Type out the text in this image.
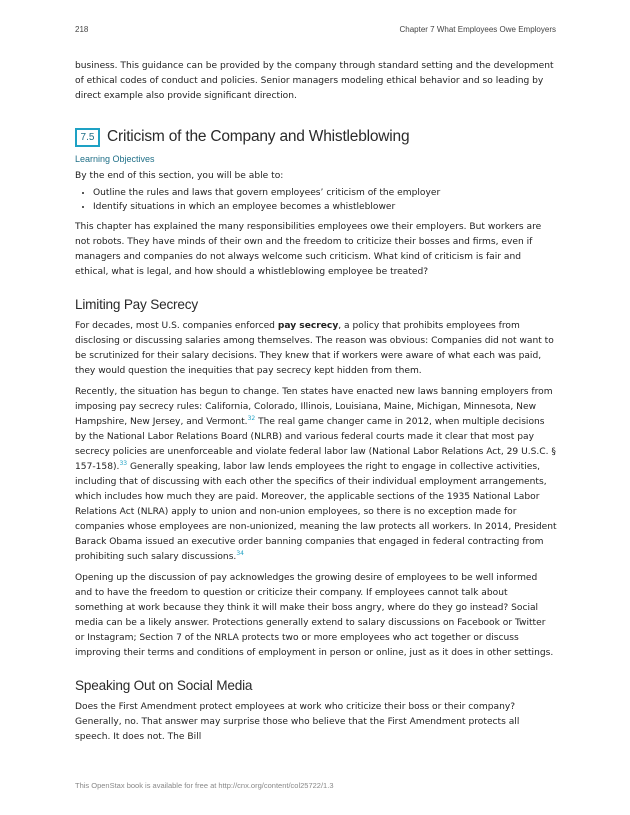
218	Chapter 7 What Employees Owe Employers

business. This guidance can be provided by the company through standard setting and the development of ethical codes of conduct and policies. Senior managers modeling ethical behavior and so leading by direct example also provide significant direction.

7.5 Criticism of the Company and Whistleblowing
Learning Objectives

By the end of this section, you will be able to:

• Outline the rules and laws that govern employees’ criticism of the employer
• Identify situations in which an employee becomes a whistleblower

This chapter has explained the many responsibilities employees owe their employers. But workers are not robots. They have minds of their own and the freedom to criticize their bosses and firms, even if managers and companies do not always welcome such criticism. What kind of criticism is fair and ethical, what is legal, and how should a whistleblowing employee be treated?

Limiting Pay Secrecy

For decades, most U.S. companies enforced pay secrecy, a policy that prohibits employees from disclosing or discussing salaries among themselves. The reason was obvious: Companies did not want to be scrutinized for their salary decisions. They knew that if workers were aware of what each was paid, they would question the inequities that pay secrecy kept hidden from them.

Recently, the situation has begun to change. Ten states have enacted new laws banning employers from imposing pay secrecy rules: California, Colorado, Illinois, Louisiana, Maine, Michigan, Minnesota, New Hampshire, New Jersey, and Vermont.$^{32}$ The real game changer came in 2012, when multiple decisions by the National Labor Relations Board (NLRB) and various federal courts made it clear that most pay secrecy policies are unenforceable and violate federal labor law (National Labor Relations Act, 29 U.S.C. § 157-158).$^{33}$ Generally speaking, labor law lends employees the right to engage in collective activities, including that of discussing with each other the specifics of their individual employment arrangements, which includes how much they are paid. Moreover, the applicable sections of the 1935 National Labor Relations Act (NLRA) apply to union and non-union employees, so there is no exception made for companies whose employees are non-unionized, meaning the law protects all workers. In 2014, President Barack Obama issued an executive order banning companies that engaged in federal contracting from prohibiting such salary discussions.$^{34}$

Opening up the discussion of pay acknowledges the growing desire of employees to be well informed and to have the freedom to question or criticize their company. If employees cannot talk about something at work because they think it will make their boss angry, where do they go instead? Social media can be a likely answer. Protections generally extend to salary discussions on Facebook or Twitter or Instagram; Section 7 of the NRLA protects two or more employees who act together or discuss improving their terms and conditions of employment in person or online, just as it does in other settings.

Speaking Out on Social Media

Does the First Amendment protect employees at work who criticize their boss or their company? Generally, no. That answer may surprise those who believe that the First Amendment protects all speech. It does not. The Bill

This OpenStax book is available for free at http://cnx.org/content/col25722/1.3
